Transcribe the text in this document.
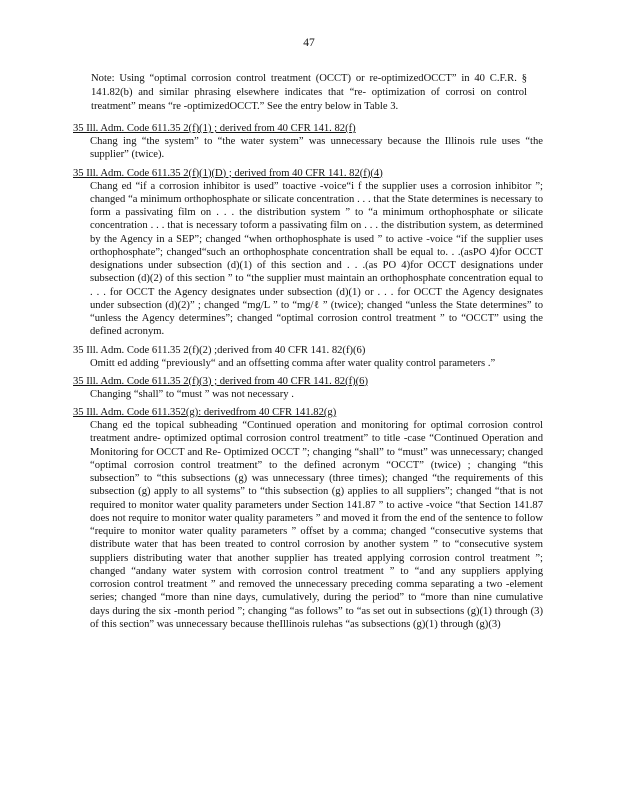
47
Note: Using “optimal corrosion control treatment (OCCT) or re-optimizedOCCT” in 40 C.F.R. § 141.82(b) and similar phrasing elsewhere indicates that “re- optimization of corrosi on control treatment” means “re -optimizedOCCT.” See the entry below in Table 3.
35 Ill. Adm. Code 611.35 2(f)(1) ; derived from 40 CFR 141. 82(f)
Chang ing “the system” to “the water system” was unnecessary because the Illinois rule uses “the supplier” (twice).
35 Ill. Adm. Code 611.35 2(f)(1)(D) ; derived from 40 CFR 141. 82(f)(4)
Chang ed “if a corrosion inhibitor is used” toactive -voice“i f the supplier uses a corrosion inhibitor ”; changed “a minimum orthophosphate or silicate concentration . . . that the State determines is necessary to form a passivating film on . . . the distribution system ” to “a minimum orthophosphate or silicate concentration . . . that is necessary toform a passivating film on . . . the distribution system, as determined by the Agency in a SEP”; changed “when orthophosphate is used ” to active -voice “if the supplier uses orthophosphate”; changed“such an orthophosphate concentration shall be equal to. . .(asPO 4)for OCCT designations under subsection (d)(1) of this section and . . .(as PO 4)for OCCT designations under subsection (d)(2) of this section ” to “the supplier must maintain an orthophosphate concentration equal to . . . for OCCT the Agency designates under subsection (d)(1) or . . . for OCCT the Agency designates under subsection (d)(2)” ; changed “mg/L ” to “mg/ℓ ” (twice); changed “unless the State determines” to “unless the Agency determines”; changed “optimal corrosion control treatment ” to “OCCT” using the defined acronym.
35 Ill. Adm. Code 611.35 2(f)(2) ;derived from 40 CFR 141. 82(f)(6)
Omitt ed adding “previously“ and an offsetting comma after water quality control parameters .”
35 Ill. Adm. Code 611.35 2(f)(3) ; derived from 40 CFR 141. 82(f)(6)
Changing “shall” to “must ” was not necessary .
35 Ill. Adm. Code 611.352(g): derivedfrom 40 CFR 141.82(g)
Chang ed the topical subheading “Continued operation and monitoring for optimal corrosion control treatment andre- optimized optimal corrosion control treatment” to title -case “Continued Operation and Monitoring for OCCT and Re- Optimized OCCT ”; changing “shall” to “must” was unnecessary; changed “optimal corrosion control treatment” to the defined acronym “OCCT” (twice) ; changing “this subsection” to “this subsections (g) was unnecessary (three times); changed “the requirements of this subsection (g) apply to all systems” to “this subsection (g) applies to all suppliers”; changed “that is not required to monitor water quality parameters under Section 141.87 ” to active -voice “that Section 141.87 does not require to monitor water quality parameters ” and moved it from the end of the sentence to follow “require to monitor water quality parameters ” offset by a comma; changed “consecutive systems that distribute water that has been treated to control corrosion by another system ” to “consecutive system suppliers distributing water that another supplier has treated applying corrosion control treatment ”; changed “andany water system with corrosion control treatment ” to “and any suppliers applying corrosion control treatment ” and removed the unnecessary preceding comma separating a two -element series; changed “more than nine days, cumulatively, during the period” to “more than nine cumulative days during the six -month period ”; changing “as follows” to “as set out in subsections (g)(1) through (3) of this section” was unnecessary because theIllinois rulehas “as subsections (g)(1) through (g)(3)
